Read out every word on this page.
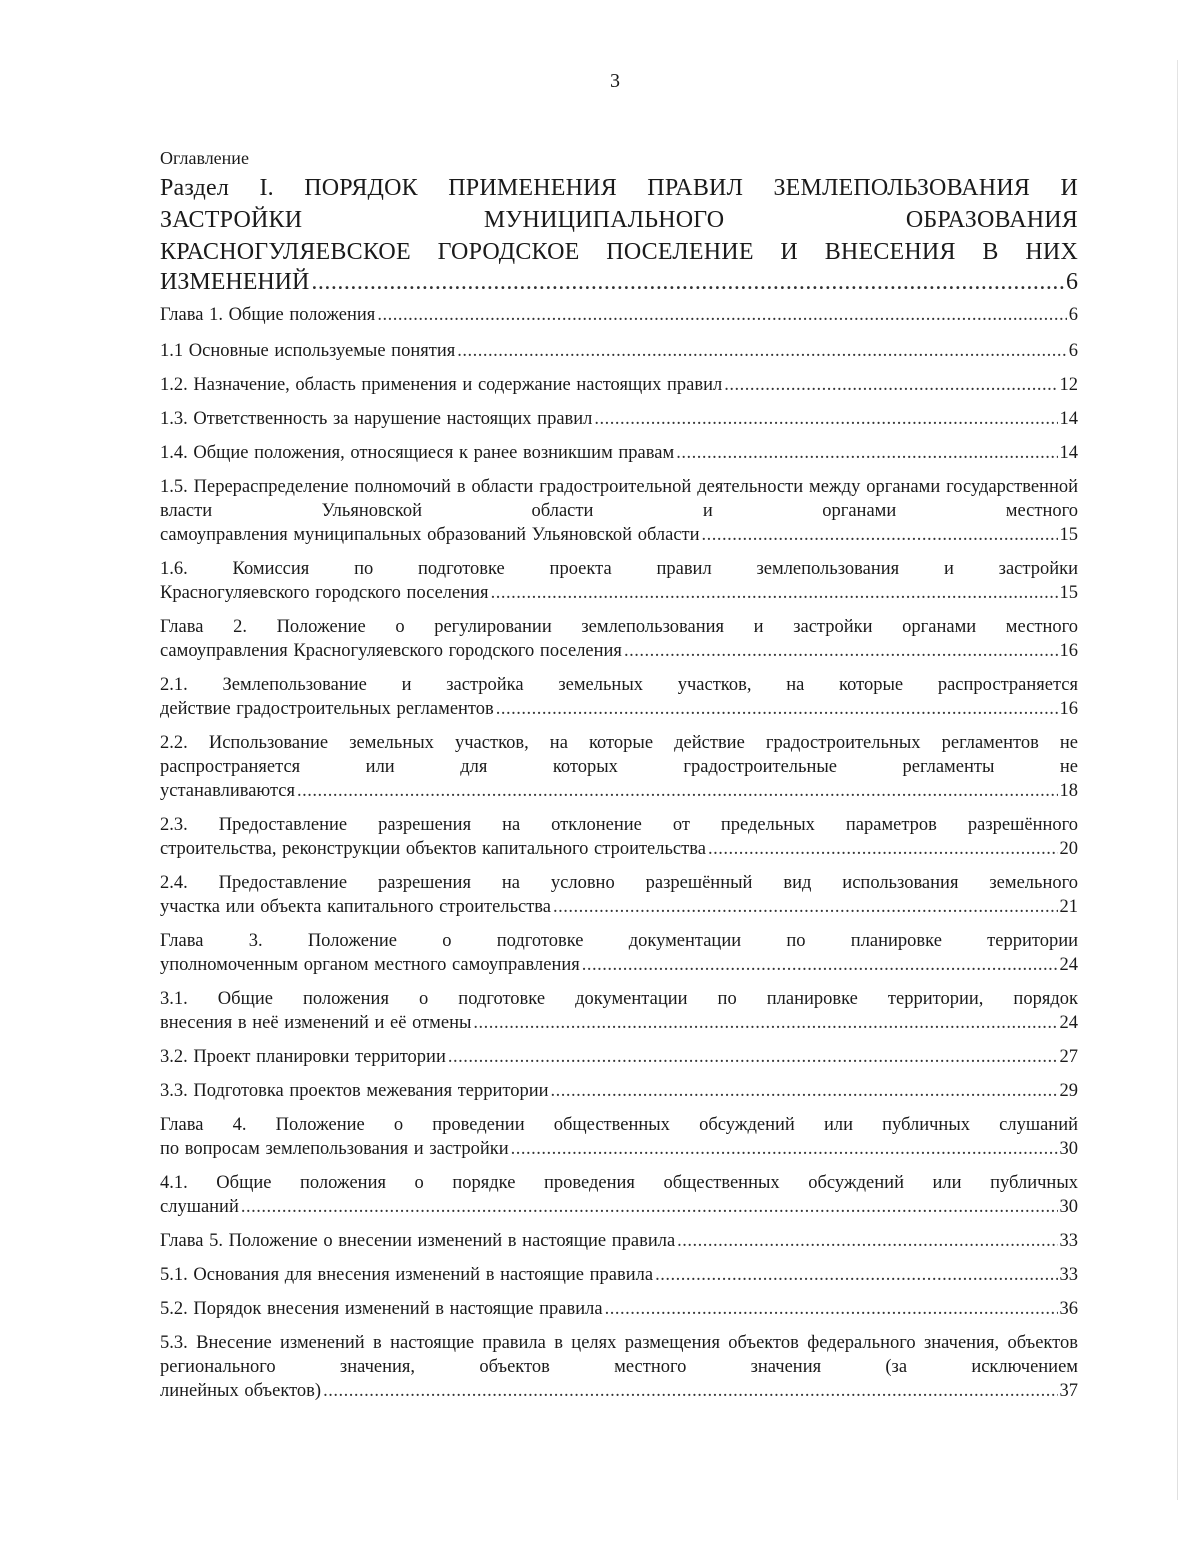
3

Оглавление

Раздел I. ПОРЯДОК ПРИМЕНЕНИЯ ПРАВИЛ ЗЕМЛЕПОЛЬЗОВАНИЯ И

ЗАСТРОЙКИ МУНИЦИПАЛЬНОГО ОБРАЗОВАНИЯ

КРАСНОГУЛЯЕВСКОЕ ГОРОДСКОЕ ПОСЕЛЕНИЕ И ВНЕСЕНИЯ В НИХ

ИЗМЕНЕНИЙ .....	6
Глава 1. Общие положения .....	6
1.1 Основные используемые понятия .....	6
1.2. Назначение, область применения и содержание настоящих правил .....	12
1.3. Ответственность за нарушение настоящих правил .....	14
1.4. Общие положения, относящиеся к ранее возникшим правам .....	14

1.5. Перераспределение полномочий в области градостроительной деятельности между органами государственной власти Ульяновской области и органами местного

самоуправления муниципальных образований Ульяновской области .....	15

1.6. Комиссия по подготовке проекта правил землепользования и застройки

Красногуляевского городского поселения .....	15

Глава 2. Положение о регулировании землепользования и застройки органами местного

самоуправления Красногуляевского городского поселения .....	16

2.1. Землепользование и застройка земельных участков, на которые распространяется

действие градостроительных регламентов .....	16

2.2. Использование земельных участков, на которые действие градостроительных регламентов не распространяется или для которых градостроительные регламенты не

устанавливаются .....	18

2.3. Предоставление разрешения на отклонение от предельных параметров разрешённого

строительства, реконструкции объектов капитального строительства .....	20

2.4. Предоставление разрешения на условно разрешённый вид использования земельного

участка или объекта капитального строительства .....	21

Глава 3. Положение о подготовке документации по планировке территории

уполномоченным органом местного самоуправления .....	24

3.1. Общие положения о подготовке документации по планировке территории, порядок

внесения в неё изменений и её отмены .....	24
3.2. Проект планировки территории .....	27
3.3. Подготовка проектов межевания территории .....	29

Глава 4. Положение о проведении общественных обсуждений или публичных слушаний

по вопросам землепользования и застройки .....	30

4.1. Общие положения о порядке проведения общественных обсуждений или публичных

слушаний .....	30
Глава 5. Положение о внесении изменений в настоящие правила .....	33
5.1. Основания для внесения изменений в настоящие правила .....	33
5.2. Порядок внесения изменений в настоящие правила .....	36

5.3. Внесение изменений в настоящие правила в целях размещения объектов федерального значения, объектов регионального значения, объектов местного значения (за исключением

линейных объектов) .....	37
